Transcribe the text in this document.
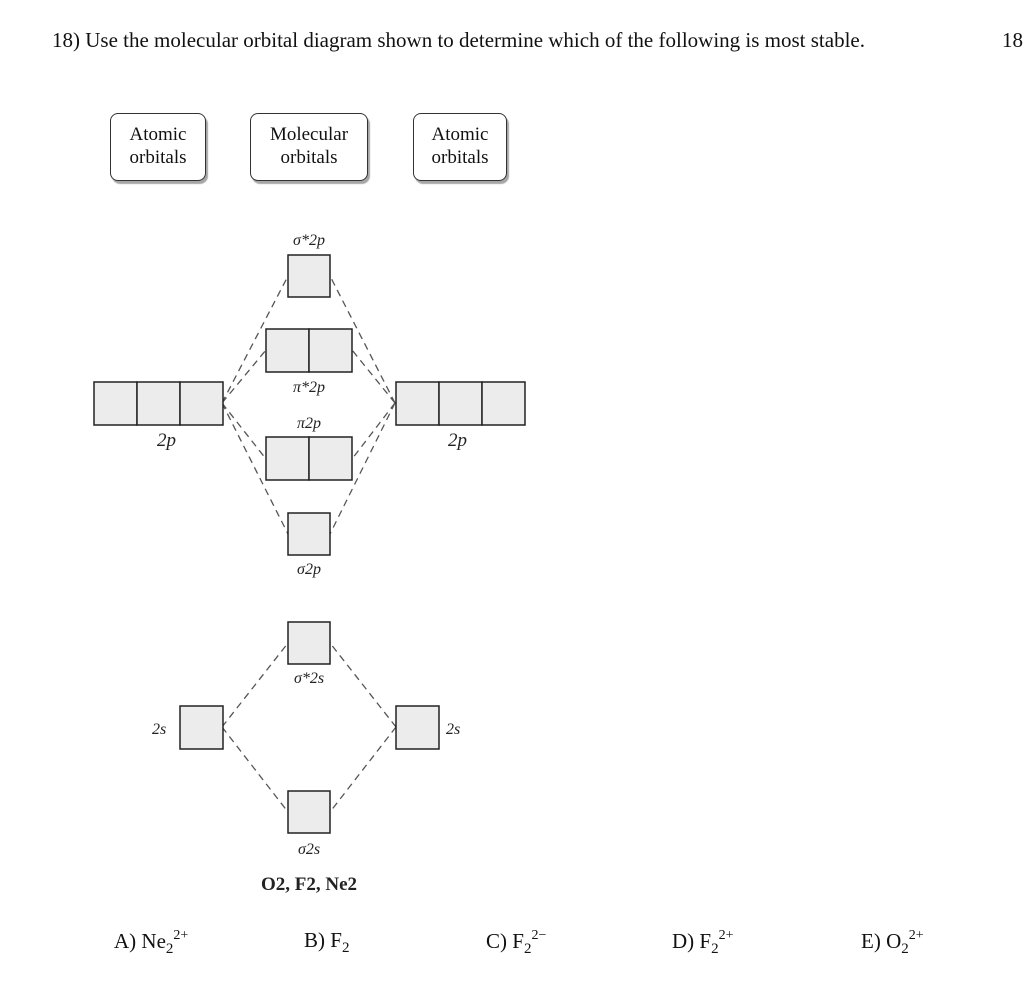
18) Use the molecular orbital diagram shown to determine which of the following is most stable.	18
Atomic
orbitals
Molecular
orbitals
Atomic
orbitals
σ*2p
π*2p
π2p
σ2p
σ*2s
σ2s
2p	2p
2s	2s
O2, F2, Ne2
A) $Ne_2^{2+}$	B) $F_2$	C) $F_2^{2-}$	D) $F_2^{2+}$	E) $O_2^{2+}$
